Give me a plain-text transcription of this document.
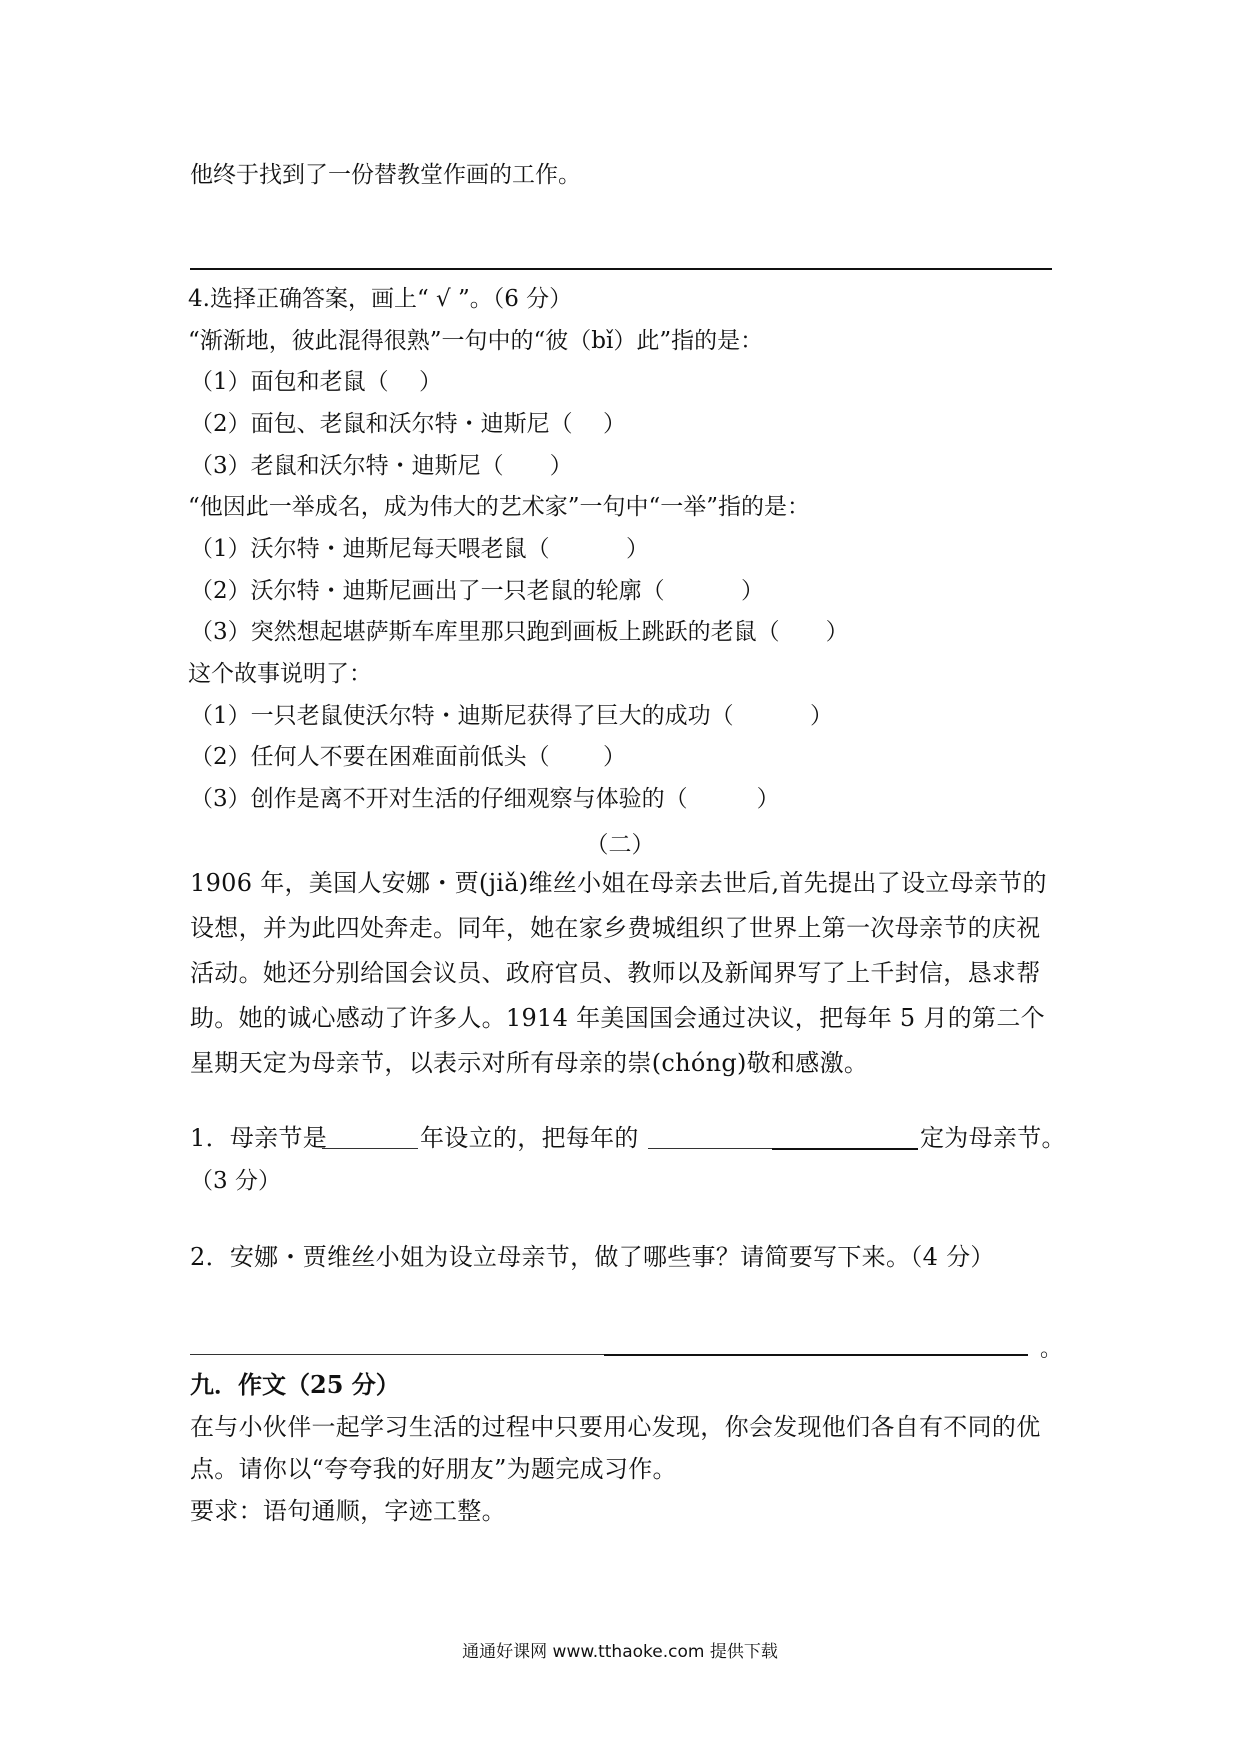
他终于找到了一份替教堂作画的工作。
4.选择正确答案，画上“ √ ”。（6 分）
“渐渐地，彼此混得很熟”一句中的“彼（bǐ）此”指的是：
（1）面包和老鼠（　 ）
（2）面包、老鼠和沃尔特・迪斯尼（　 ）
（3）老鼠和沃尔特・迪斯尼（　　）
“他因此一举成名，成为伟大的艺术家”一句中“一举”指的是：
（1）沃尔特・迪斯尼每天喂老鼠（　　　 ）
（2）沃尔特・迪斯尼画出了一只老鼠的轮廓（　　　 ）
（3）突然想起堪萨斯车库里那只跑到画板上跳跃的老鼠（　　）
这个故事说明了：
（1）一只老鼠使沃尔特・迪斯尼获得了巨大的成功（　　　 ）
（2）任何人不要在困难面前低头（　　 ）
（3）创作是离不开对生活的仔细观察与体验的（　　　）
（二）
1906 年，美国人安娜・贾(jiǎ)维丝小姐在母亲去世后,首先提出了设立母亲节的
设想，并为此四处奔走。同年，她在家乡费城组织了世界上第一次母亲节的庆祝
活动。她还分别给国会议员、政府官员、教师以及新闻界写了上千封信，恳求帮
助。她的诚心感动了许多人。1914 年美国国会通过决议，把每年 5 月的第二个
星期天定为母亲节，以表示对所有母亲的崇(chóng)敬和感激。
1．母亲节是	年设立的，把每年的	定为母亲节。
（3 分）
2．安娜・贾维丝小姐为设立母亲节，做了哪些事？请简要写下来。（4 分）
。
九．作文（25 分）
在与小伙伴一起学习生活的过程中只要用心发现，你会发现他们各自有不同的优
点。请你以“夸夸我的好朋友”为题完成习作。
要求：语句通顺，字迹工整。
通通好课网 www.tthaoke.com 提供下载
